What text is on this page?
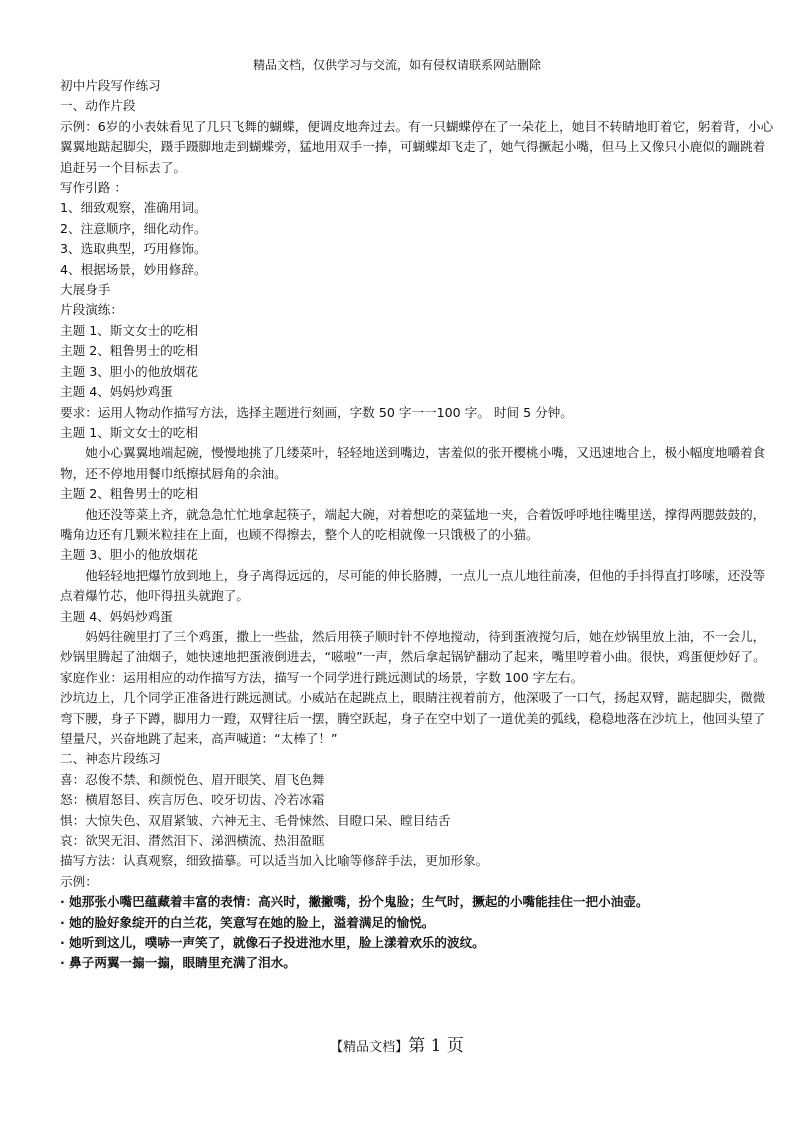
精品文档，仅供学习与交流，如有侵权请联系网站删除

初中片段写作练习

一、动作片段

示例：6岁的小表妹看见了几只飞舞的蝴蝶，便调皮地奔过去。有一只蝴蝶停在了一朵花上，她目不转睛地盯着它，躬着背，小心翼翼地踮起脚尖，蹑手蹑脚地走到蝴蝶旁，猛地用双手一捧，可蝴蝶却飞走了，她气得撅起小嘴，但马上又像只小鹿似的蹦跳着追赶另一个目标去了。

写作引路 ：

1、细致观察，准确用词。

2、注意顺序，细化动作。

3、选取典型，巧用修饰。

4、根据场景，妙用修辞。

大展身手

片段演练：

主题 1、斯文女士的吃相

主题 2、粗鲁男士的吃相

主题 3、胆小的他放烟花

主题 4、妈妈炒鸡蛋

要求：运用人物动作描写方法，选择主题进行刻画，字数 50 字一一100 字。 时间 5 分钟。

主题 1、斯文女士的吃相

她小心翼翼地端起碗，慢慢地挑了几缕菜叶，轻轻地送到嘴边，害羞似的张开樱桃小嘴，又迅速地合上，极小幅度地嚼着食物，还不停地用餐巾纸擦拭唇角的余油。

主题 2、粗鲁男士的吃相

他还没等菜上齐，就急急忙忙地拿起筷子，端起大碗，对着想吃的菜猛地一夹，合着饭呼呼地往嘴里送，撑得两腮鼓鼓的，嘴角边还有几颗米粒挂在上面，也顾不得擦去，整个人的吃相就像一只饿极了的小猫。

主题 3、胆小的他放烟花

他轻轻地把爆竹放到地上，身子离得远远的，尽可能的伸长胳膊，一点儿一点儿地往前凑，但他的手抖得直打哆嗦，还没等点着爆竹芯，他吓得扭头就跑了。

主题 4、妈妈炒鸡蛋

妈妈往碗里打了三个鸡蛋，撒上一些盐，然后用筷子顺时针不停地搅动，待到蛋液搅匀后，她在炒锅里放上油，不一会儿，炒锅里腾起了油烟子，她快速地把蛋液倒进去，“嗞啦”一声，然后拿起锅铲翻动了起来，嘴里哼着小曲。很快，鸡蛋便炒好了。

家庭作业：运用相应的动作描写方法，描写一个同学进行跳远测试的场景，字数 100 字左右。

沙坑边上，几个同学正准备进行跳远测试。小威站在起跳点上，眼睛注视着前方，他深吸了一口气，扬起双臂，踮起脚尖，微微弯下腰，身子下蹲，脚用力一蹬，双臂往后一摆，腾空跃起，身子在空中划了一道优美的弧线，稳稳地落在沙坑上，他回头望了望量尺，兴奋地跳了起来，高声喊道：“太棒了！”

二、神态片段练习

喜：忍俊不禁、和颜悦色、眉开眼笑、眉飞色舞

怒：横眉怒目、疾言厉色、咬牙切齿、冷若冰霜

惧：大惊失色、双眉紧皱、六神无主、毛骨悚然、目瞪口呆、瞠目结舌

哀：欲哭无泪、潸然泪下、涕泗横流、热泪盈眶

描写方法：认真观察，细致描摹。可以适当加入比喻等修辞手法，更加形象。

示例：

· 她那张小嘴巴蕴藏着丰富的表情：高兴时，撇撇嘴，扮个鬼脸；生气时，撅起的小嘴能挂住一把小油壶。

· 她的脸好象绽开的白兰花，笑意写在她的脸上，溢着满足的愉悦。

· 她听到这儿，噗哧一声笑了，就像石子投进池水里，脸上漾着欢乐的波纹。

· 鼻子两翼一搧一搧，眼睛里充满了泪水。

【精品文档】第 1 页
